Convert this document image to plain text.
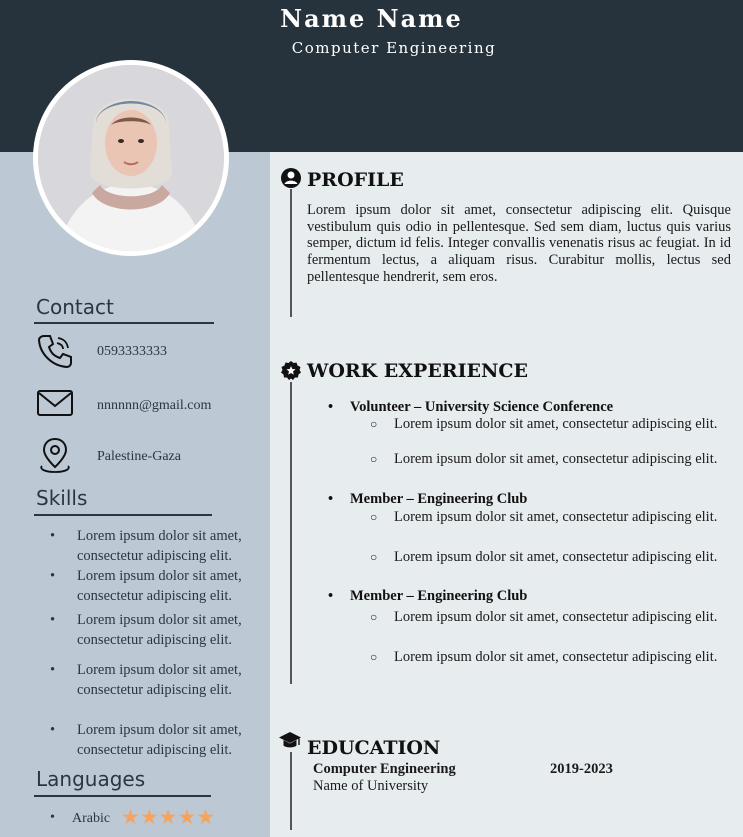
Name Name
Computer Engineering
Contact
0593333333
nnnnnn@gmail.com
Palestine-Gaza
Skills
• Lorem ipsum dolor sit amet, consectetur adipiscing elit.
• Lorem ipsum dolor sit amet, consectetur adipiscing elit.
• Lorem ipsum dolor sit amet, consectetur adipiscing elit.
• Lorem ipsum dolor sit amet, consectetur adipiscing elit.
• Lorem ipsum dolor sit amet, consectetur adipiscing elit.
Languages
• Arabic ★★★★★
PROFILE
Lorem ipsum dolor sit amet, consectetur adipiscing elit. Quisque vestibulum quis odio in pellentesque. Sed sem diam, luctus quis varius semper, dictum id felis. Integer convallis venenatis risus ac feugiat. In id fermentum lectus, a aliquam risus. Curabitur mollis, lectus sed pellentesque hendrerit, sem eros.
WORK EXPERIENCE
• Volunteer – University Science Conference
○ Lorem ipsum dolor sit amet, consectetur adipiscing elit.
○ Lorem ipsum dolor sit amet, consectetur adipiscing elit.
• Member – Engineering Club
○ Lorem ipsum dolor sit amet, consectetur adipiscing elit.
○ Lorem ipsum dolor sit amet, consectetur adipiscing elit.
• Member – Engineering Club
○ Lorem ipsum dolor sit amet, consectetur adipiscing elit.
○ Lorem ipsum dolor sit amet, consectetur adipiscing elit.
EDUCATION
Computer Engineering	2019-2023
Name of University
